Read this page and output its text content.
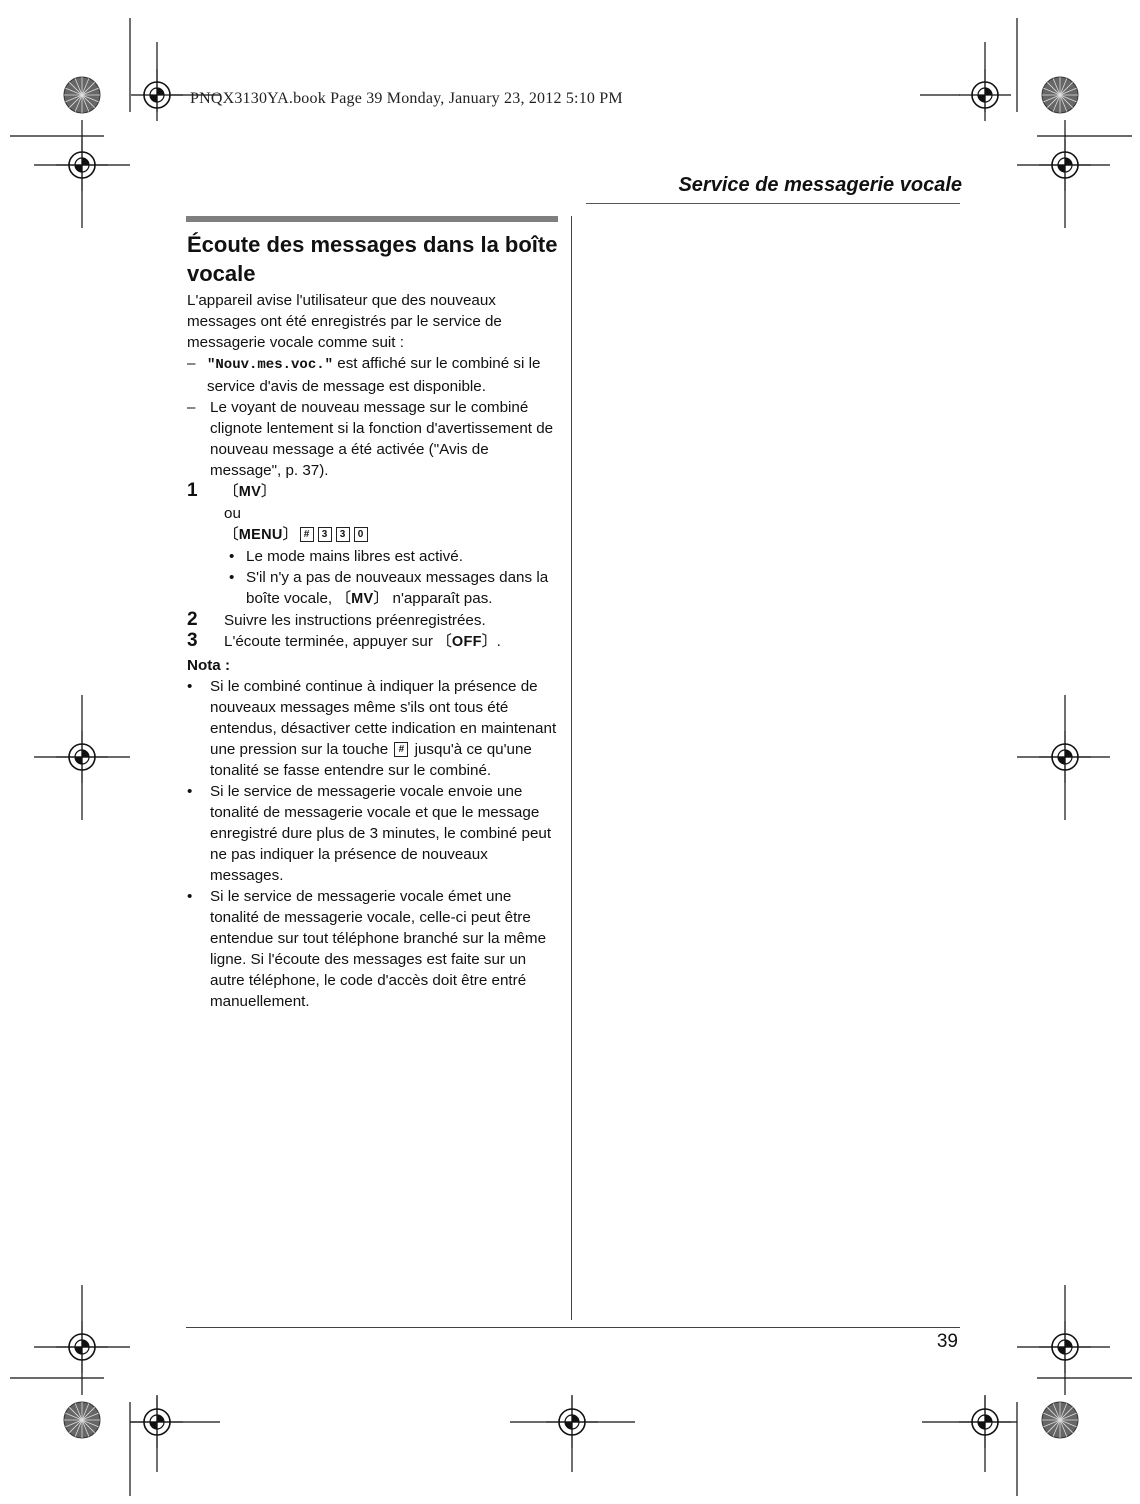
PNQX3130YA.book Page 39 Monday, January 23, 2012 5:10 PM
Service de messagerie vocale
Écoute des messages dans la boîte vocale

L'appareil avise l'utilisateur que des nouveaux messages ont été enregistrés par le service de messagerie vocale comme suit :

– "Nouv.mes.voc." est affiché sur le combiné si le service d'avis de message est disponible.
– Le voyant de nouveau message sur le combiné clignote lentement si la fonction d'avertissement de nouveau message a été activée ("Avis de message", p. 37).
1 〔MV〕
ou
〔MENU〕 # 3 3 0
• Le mode mains libres est activé.
• S'il n'y a pas de nouveaux messages dans la boîte vocale, 〔MV〕 n'apparaît pas.
2 Suivre les instructions préenregistrées.
3 L'écoute terminée, appuyer sur 〔OFF〕.
Nota :
• Si le combiné continue à indiquer la présence de nouveaux messages même s'ils ont tous été entendus, désactiver cette indication en maintenant une pression sur la touche # jusqu'à ce qu'une tonalité se fasse entendre sur le combiné.
• Si le service de messagerie vocale envoie une tonalité de messagerie vocale et que le message enregistré dure plus de 3 minutes, le combiné peut ne pas indiquer la présence de nouveaux messages.
• Si le service de messagerie vocale émet une tonalité de messagerie vocale, celle-ci peut être entendue sur tout téléphone branché sur la même ligne. Si l'écoute des messages est faite sur un autre téléphone, le code d'accès doit être entré manuellement.
39
